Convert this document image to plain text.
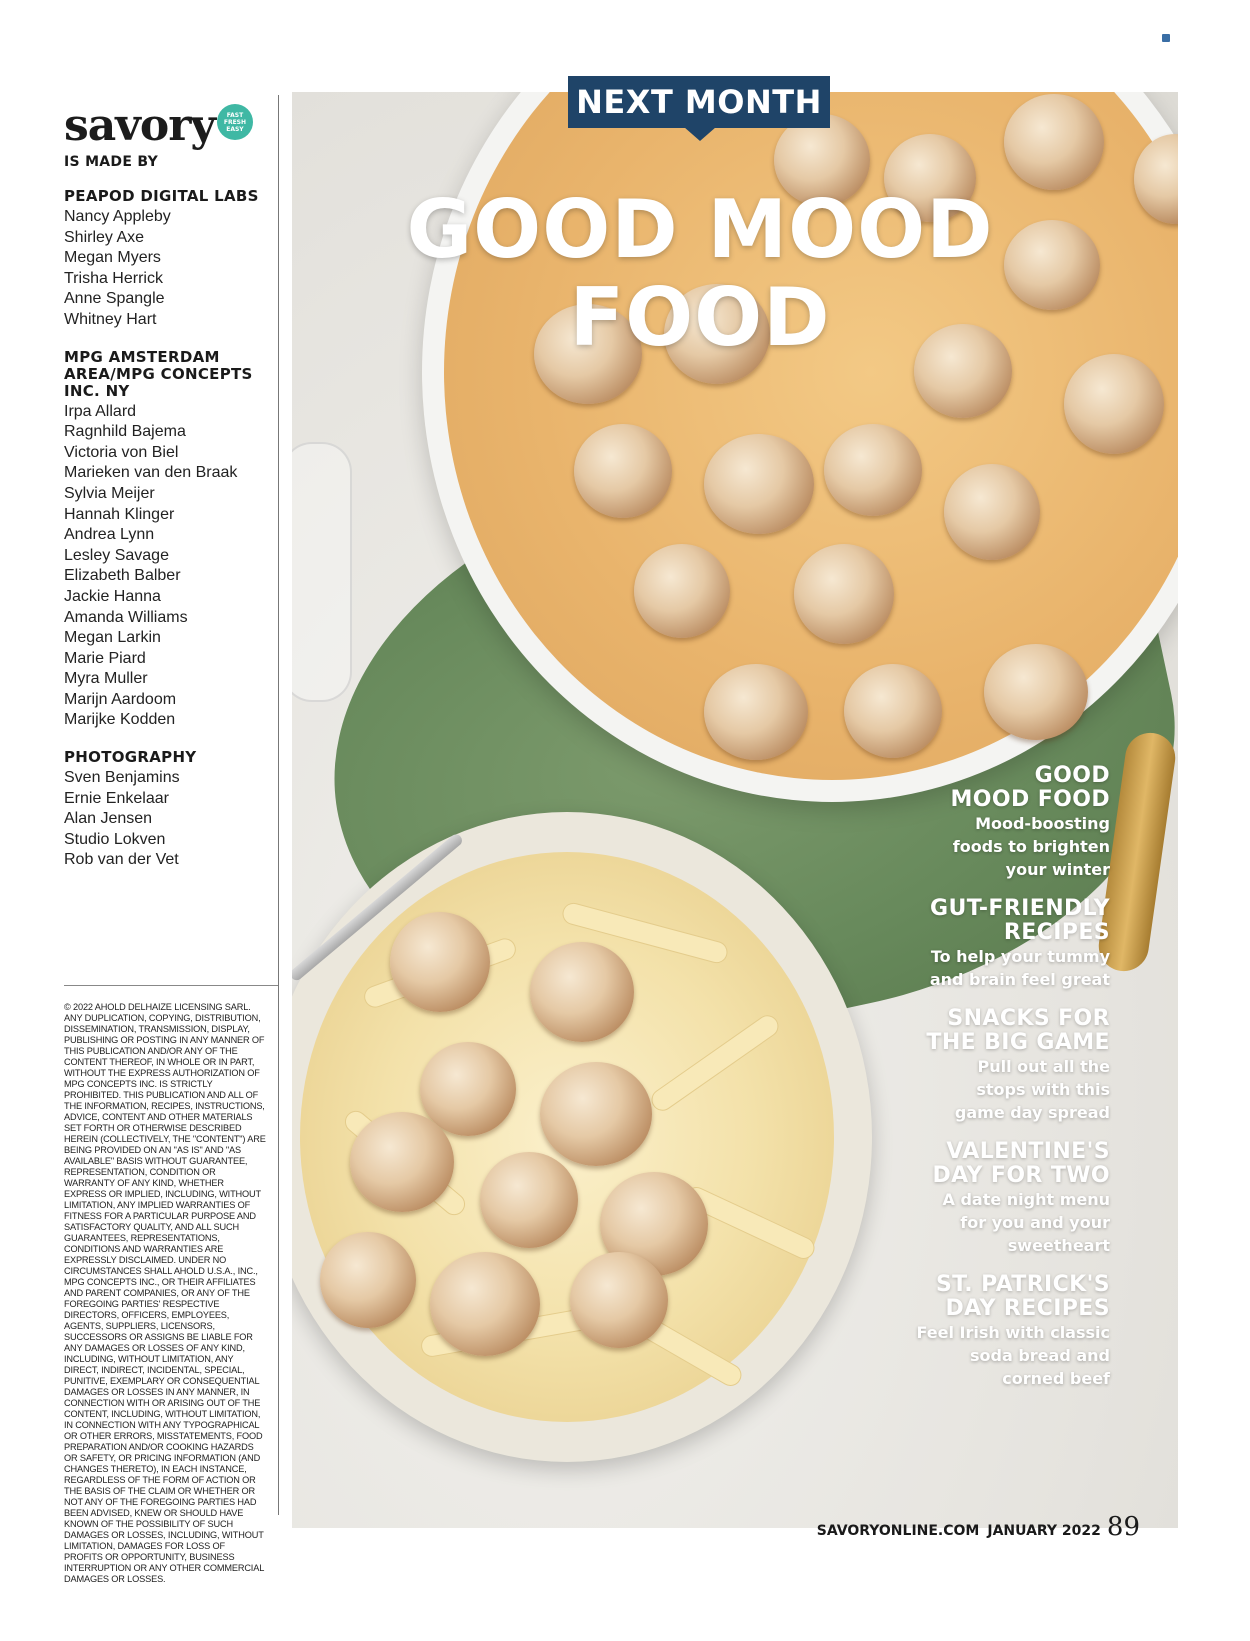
savory FAST
FRESH
EASY
IS MADE BY
PEAPOD DIGITAL LABS
Nancy Appleby
Shirley Axe
Megan Myers
Trisha Herrick
Anne Spangle
Whitney Hart
MPG AMSTERDAM
AREA/MPG CONCEPTS
INC. NY
Irpa Allard
Ragnhild Bajema
Victoria von Biel
Marieken van den Braak
Sylvia Meijer
Hannah Klinger
Andrea Lynn
Lesley Savage
Elizabeth Balber
Jackie Hanna
Amanda Williams
Megan Larkin
Marie Piard
Myra Muller
Marijn Aardoom
Marijke Kodden
PHOTOGRAPHY
Sven Benjamins
Ernie Enkelaar
Alan Jensen
Studio Lokven
Rob van der Vet
© 2022 AHOLD DELHAIZE LICENSING SARL. ANY DUPLICATION, COPYING, DISTRIBUTION, DISSEMINATION, TRANSMISSION, DISPLAY, PUBLISHING OR POSTING IN ANY MANNER OF THIS PUBLICATION AND/OR ANY OF THE CONTENT THEREOF, IN WHOLE OR IN PART, WITHOUT THE EXPRESS AUTHORIZATION OF MPG CONCEPTS INC. IS STRICTLY PROHIBITED. THIS PUBLICATION AND ALL OF THE INFORMATION, RECIPES, INSTRUCTIONS, ADVICE, CONTENT AND OTHER MATERIALS SET FORTH OR OTHERWISE DESCRIBED HEREIN (COLLECTIVELY, THE "CONTENT") ARE BEING PROVIDED ON AN "AS IS" AND "AS AVAILABLE" BASIS WITHOUT GUARANTEE, REPRESENTATION, CONDITION OR WARRANTY OF ANY KIND, WHETHER EXPRESS OR IMPLIED, INCLUDING, WITHOUT LIMITATION, ANY IMPLIED WARRANTIES OF FITNESS FOR A PARTICULAR PURPOSE AND SATISFACTORY QUALITY, AND ALL SUCH GUARANTEES, REPRESENTATIONS, CONDITIONS AND WARRANTIES ARE EXPRESSLY DISCLAIMED. UNDER NO CIRCUMSTANCES SHALL AHOLD U.S.A., INC., MPG CONCEPTS INC., OR THEIR AFFILIATES AND PARENT COMPANIES, OR ANY OF THE FOREGOING PARTIES' RESPECTIVE DIRECTORS, OFFICERS, EMPLOYEES, AGENTS, SUPPLIERS, LICENSORS, SUCCESSORS OR ASSIGNS BE LIABLE FOR ANY DAMAGES OR LOSSES OF ANY KIND, INCLUDING, WITHOUT LIMITATION, ANY DIRECT, INDIRECT, INCIDENTAL, SPECIAL, PUNITIVE, EXEMPLARY OR CONSEQUENTIAL DAMAGES OR LOSSES IN ANY MANNER, IN CONNECTION WITH OR ARISING OUT OF THE CONTENT, INCLUDING, WITHOUT LIMITATION, IN CONNECTION WITH ANY TYPOGRAPHICAL OR OTHER ERRORS, MISSTATEMENTS, FOOD PREPARATION AND/OR COOKING HAZARDS OR SAFETY, OR PRICING INFORMATION (AND CHANGES THERETO), IN EACH INSTANCE, REGARDLESS OF THE FORM OF ACTION OR THE BASIS OF THE CLAIM OR WHETHER OR NOT ANY OF THE FOREGOING PARTIES HAD BEEN ADVISED, KNEW OR SHOULD HAVE KNOWN OF THE POSSIBILITY OF SUCH DAMAGES OR LOSSES, INCLUDING, WITHOUT LIMITATION, DAMAGES FOR LOSS OF PROFITS OR OPPORTUNITY, BUSINESS INTERRUPTION OR ANY OTHER COMMERCIAL DAMAGES OR LOSSES.
NEXT MONTH
GOOD MOOD FOOD
GOOD
MOOD FOOD
Mood-boosting
foods to brighten
your winter
GUT-FRIENDLY
RECIPES
To help your tummy
and brain feel great
SNACKS FOR
THE BIG GAME
Pull out all the
stops with this
game day spread
VALENTINE'S
DAY FOR TWO
A date night menu
for you and your
sweetheart
ST. PATRICK'S
DAY RECIPES
Feel Irish with classic
soda bread and
corned beef
SAVORYONLINE.COM JANUARY 2022 89
